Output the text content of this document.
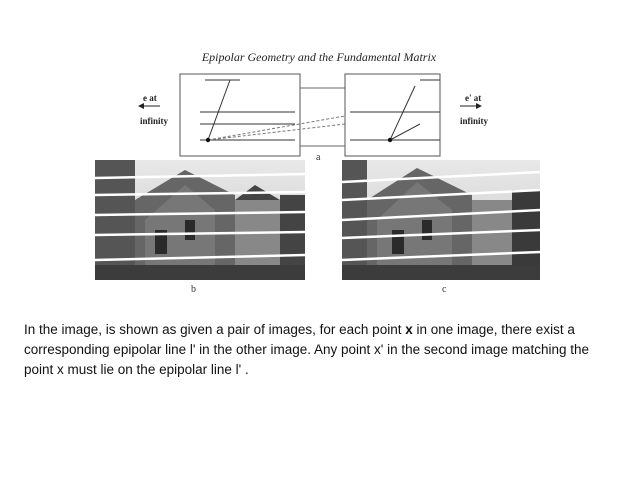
Epipolar Geometry and the Fundamental Matrix
e at
infinity
e' at
infinity
a
b	c
In the image, is shown as given a pair of images, for each point x in one image, there exist a corresponding epipolar line l' in the other image. Any point x' in the second image matching the point x must lie on the epipolar line l' .
